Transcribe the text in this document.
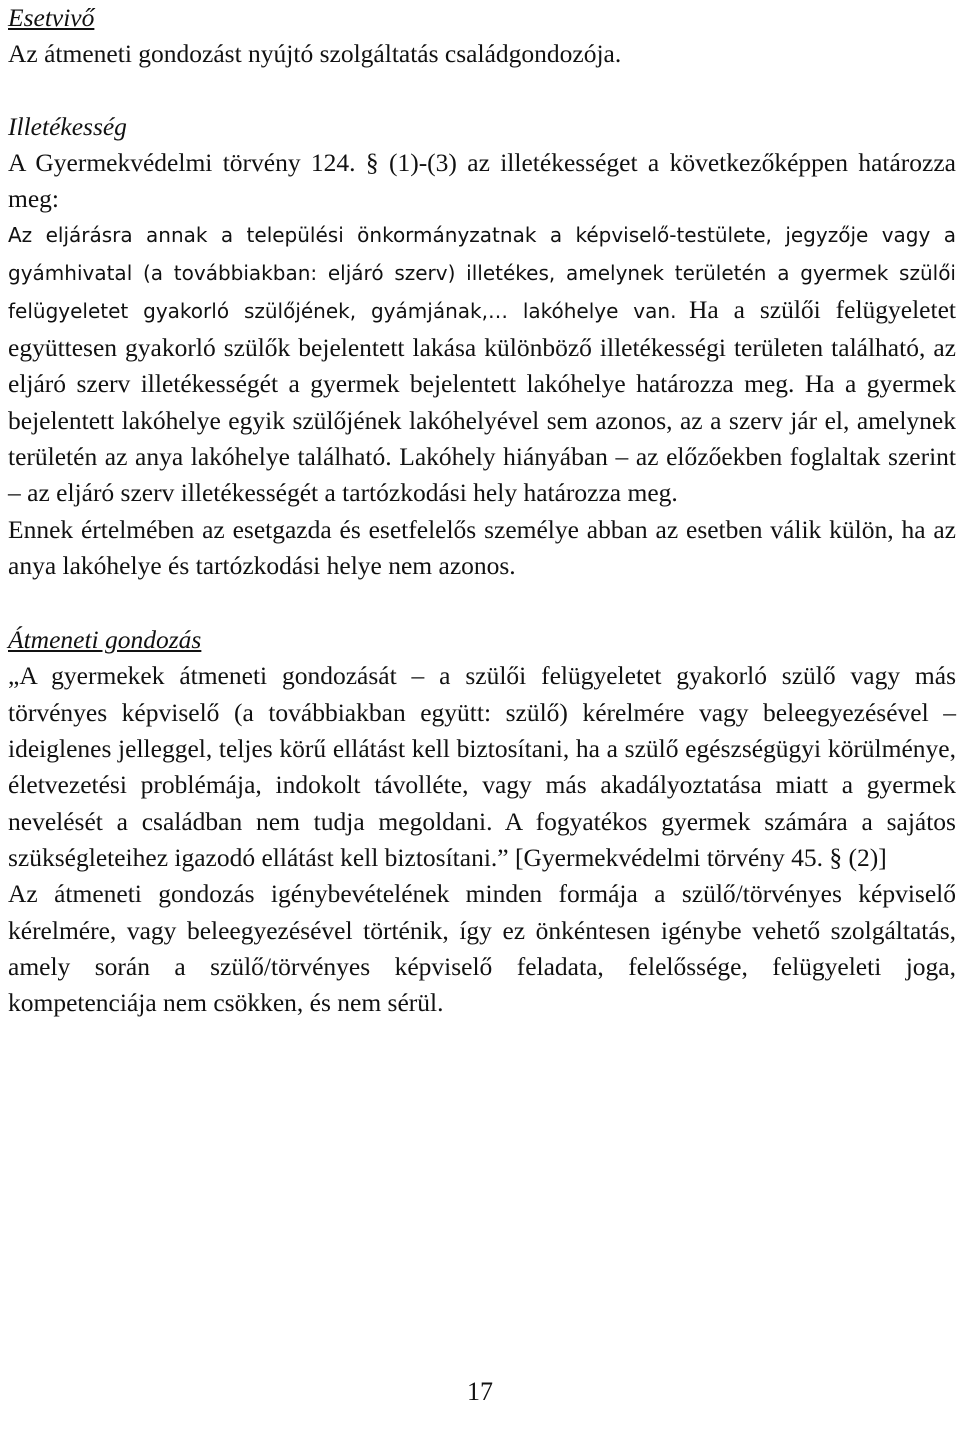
Esetvivő

Az átmeneti gondozást nyújtó szolgáltatás családgondozója.

Illetékesség

A Gyermekvédelmi törvény 124. § (1)-(3) az illetékességet a következőképpen határozza meg:

Az eljárásra annak a települési önkormányzatnak a képviselő-testülete, jegyzője vagy a gyámhivatal (a továbbiakban: eljáró szerv) illetékes, amelynek területén a gyermek szülői felügyeletet gyakorló szülőjének, gyámjának,… lakóhelye van. Ha a szülői felügyeletet együttesen gyakorló szülők bejelentett lakása különböző illetékességi területen található, az eljáró szerv illetékességét a gyermek bejelentett lakóhelye határozza meg. Ha a gyermek bejelentett lakóhelye egyik szülőjének lakóhelyével sem azonos, az a szerv jár el, amelynek területén az anya lakóhelye található. Lakóhely hiányában – az előzőekben foglaltak szerint – az eljáró szerv illetékességét a tartózkodási hely határozza meg.

Ennek értelmében az esetgazda és esetfelelős személye abban az esetben válik külön, ha az anya lakóhelye és tartózkodási helye nem azonos.

Átmeneti gondozás

„A gyermekek átmeneti gondozását – a szülői felügyeletet gyakorló szülő vagy más törvényes képviselő (a továbbiakban együtt: szülő) kérelmére vagy beleegyezésével – ideiglenes jelleggel, teljes körű ellátást kell biztosítani, ha a szülő egészségügyi körülménye, életvezetési problémája, indokolt távolléte, vagy más akadályoztatása miatt a gyermek nevelését a családban nem tudja megoldani. A fogyatékos gyermek számára a sajátos szükségleteihez igazodó ellátást kell biztosítani.” [Gyermekvédelmi törvény 45. § (2)]

Az átmeneti gondozás igénybevételének minden formája a szülő/törvényes képviselő kérelmére, vagy beleegyezésével történik, így ez önkéntesen igénybe vehető szolgáltatás, amely során a szülő/törvényes képviselő feladata, felelőssége, felügyeleti joga, kompetenciája nem csökken, és nem sérül.

17
